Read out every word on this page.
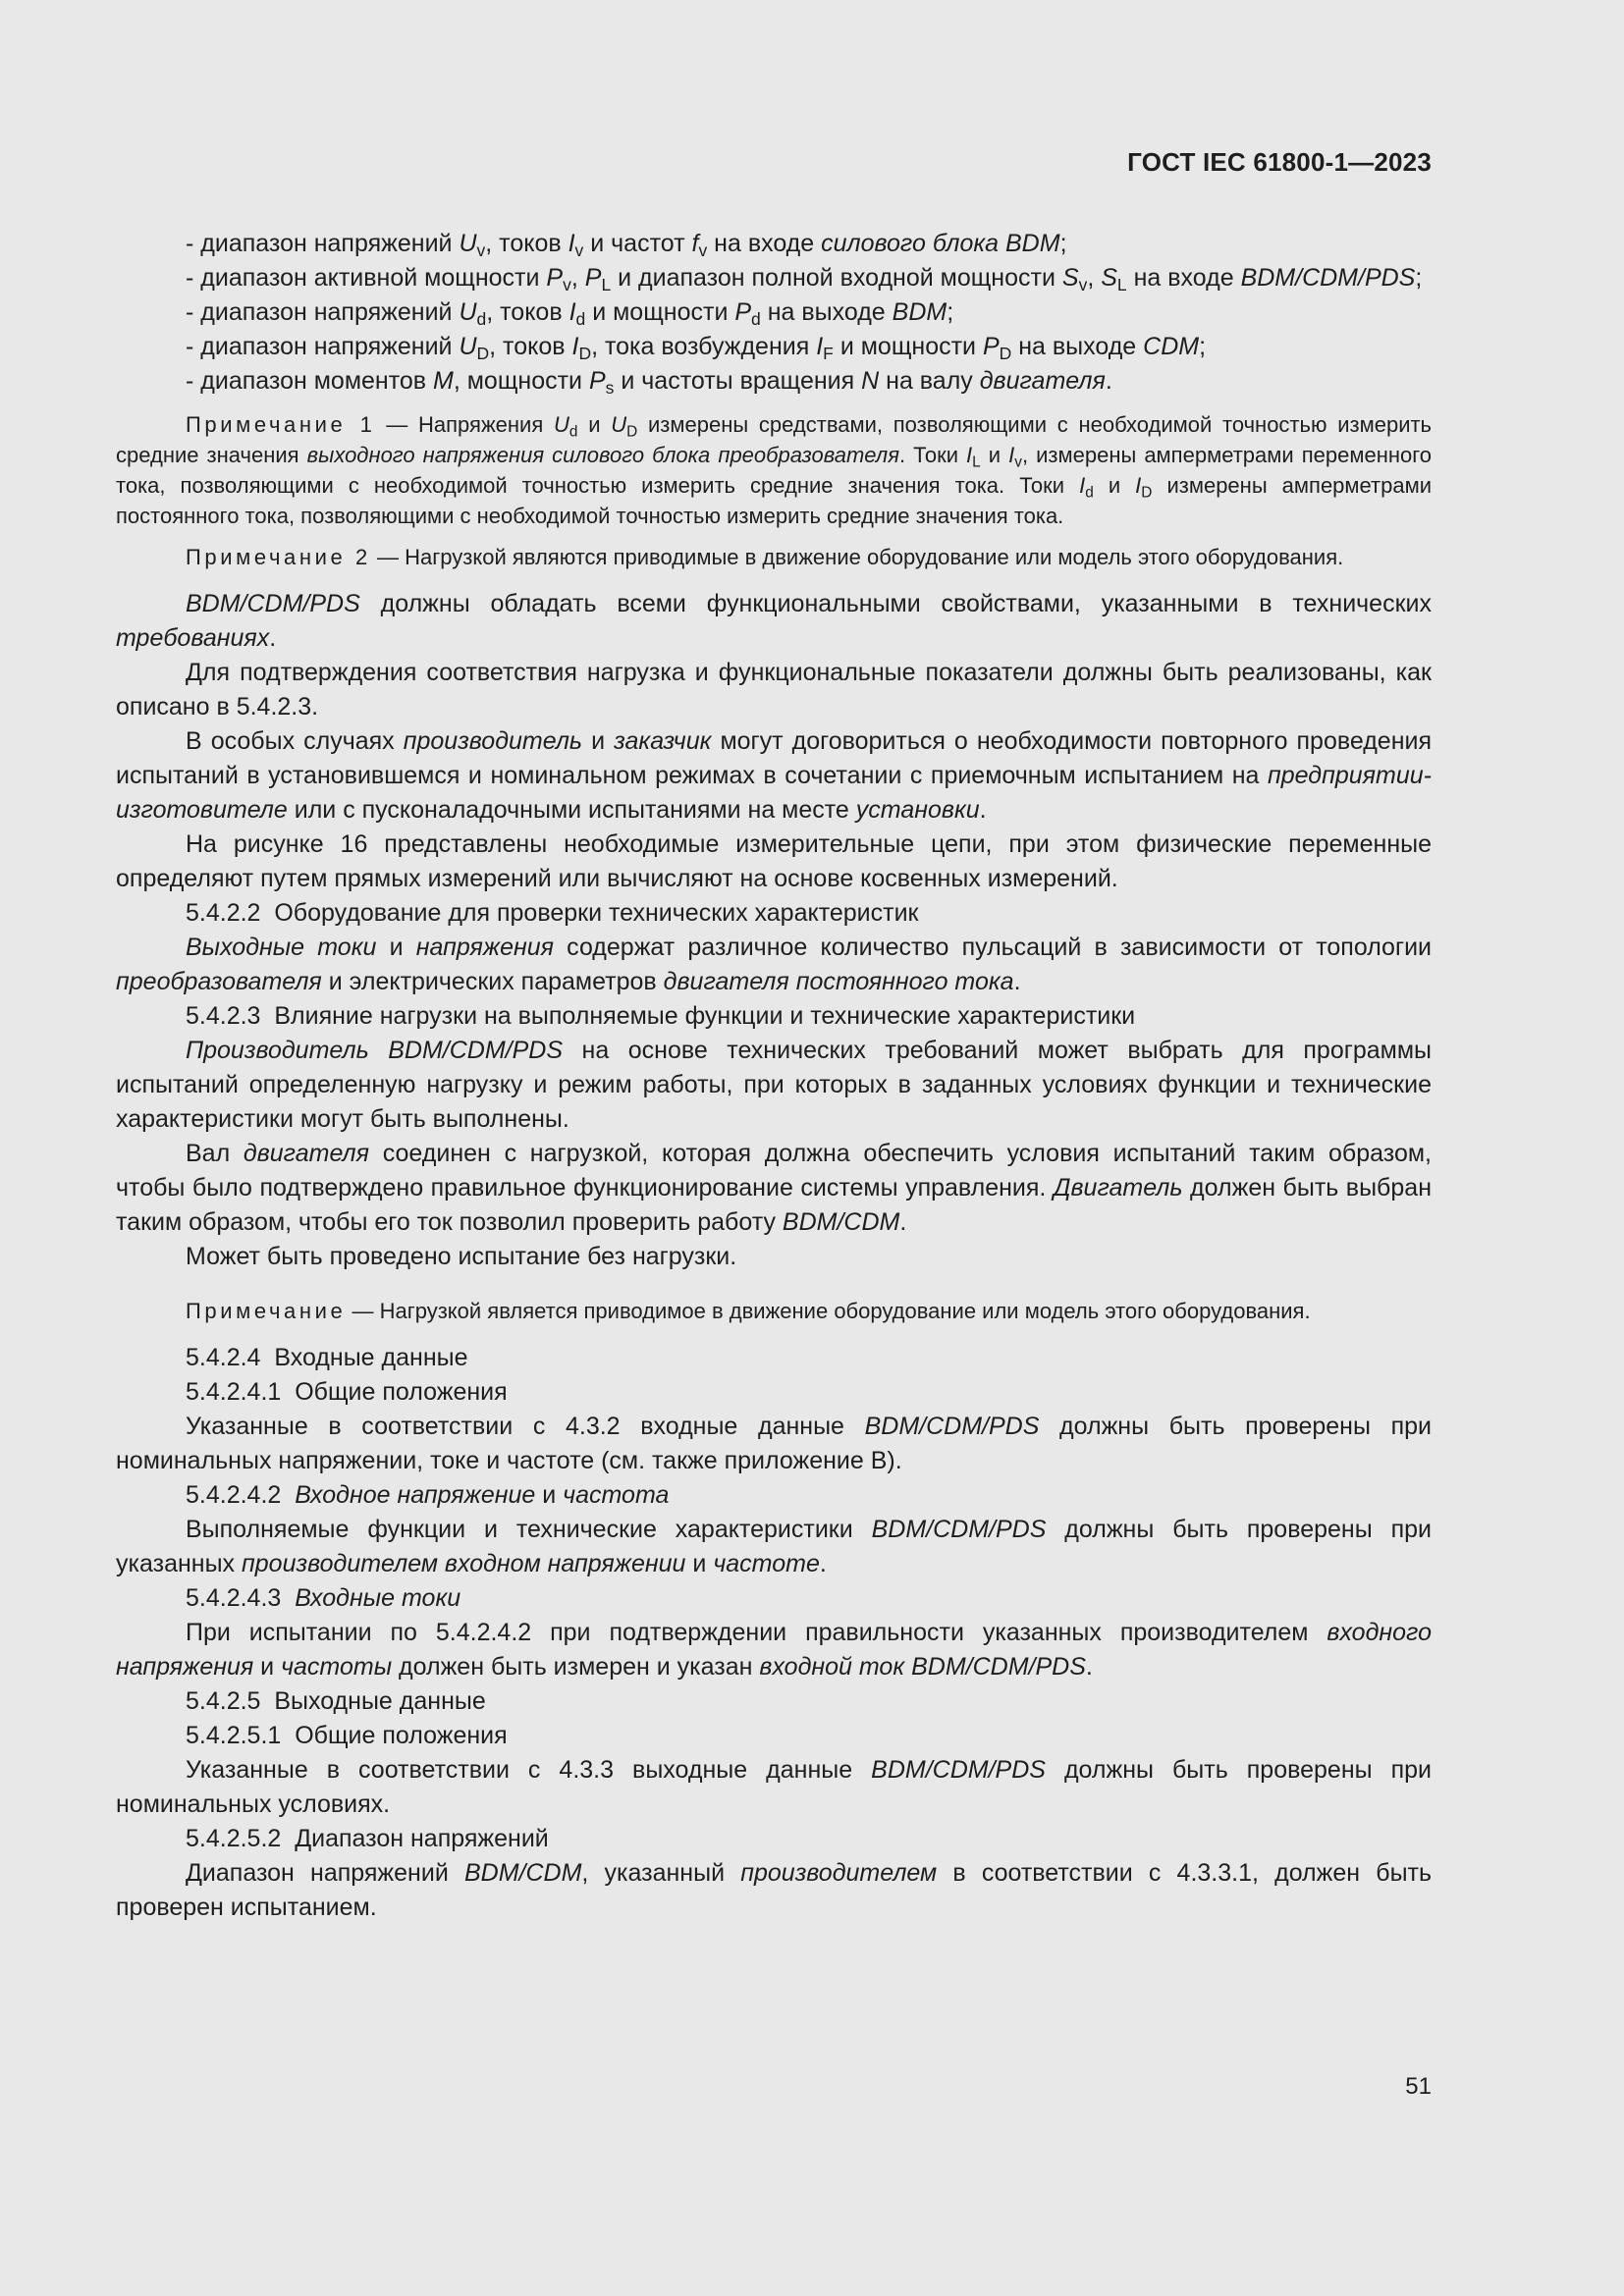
ГОСТ IEC 61800-1—2023

- диапазон напряжений $U_v$, токов $I_v$ и частот $f_v$ на входе силового блока BDM;

- диапазон активной мощности $P_v$, $P_L$ и диапазон полной входной мощности $S_v$, $S_L$ на входе BDM/CDM/PDS;

- диапазон напряжений $U_d$, токов $I_d$ и мощности $P_d$ на выходе BDM;

- диапазон напряжений $U_D$, токов $I_D$, тока возбуждения $I_F$ и мощности $P_D$ на выходе CDM;

- диапазон моментов M, мощности $P_s$ и частоты вращения N на валу двигателя.

Примечание 1 — Напряжения $U_d$ и $U_D$ измерены средствами, позволяющими с необходимой точностью измерить средние значения выходного напряжения силового блока преобразователя. Токи $I_L$ и $I_v$, измерены амперметрами переменного тока, позволяющими с необходимой точностью измерить средние значения тока. Токи $I_d$ и $I_D$ измерены амперметрами постоянного тока, позволяющими с необходимой точностью измерить средние значения тока.

Примечание 2 — Нагрузкой являются приводимые в движение оборудование или модель этого оборудования.

BDM/CDM/PDS должны обладать всеми функциональными свойствами, указанными в технических требованиях.

Для подтверждения соответствия нагрузка и функциональные показатели должны быть реализованы, как описано в 5.4.2.3.

В особых случаях производитель и заказчик могут договориться о необходимости повторного проведения испытаний в установившемся и номинальном режимах в сочетании с приемочным испытанием на предприятии-изготовителе или с пусконаладочными испытаниями на месте установки.

На рисунке 16 представлены необходимые измерительные цепи, при этом физические переменные определяют путем прямых измерений или вычисляют на основе косвенных измерений.

5.4.2.2  Оборудование для проверки технических характеристик

Выходные токи и напряжения содержат различное количество пульсаций в зависимости от топологии преобразователя и электрических параметров двигателя постоянного тока.

5.4.2.3  Влияние нагрузки на выполняемые функции и технические характеристики

Производитель BDM/CDM/PDS на основе технических требований может выбрать для программы испытаний определенную нагрузку и режим работы, при которых в заданных условиях функции и технические характеристики могут быть выполнены.

Вал двигателя соединен с нагрузкой, которая должна обеспечить условия испытаний таким образом, чтобы было подтверждено правильное функционирование системы управления. Двигатель должен быть выбран таким образом, чтобы его ток позволил проверить работу BDM/CDM.

Может быть проведено испытание без нагрузки.

Примечание — Нагрузкой является приводимое в движение оборудование или модель этого оборудования.

5.4.2.4  Входные данные

5.4.2.4.1  Общие положения

Указанные в соответствии с 4.3.2 входные данные BDM/CDM/PDS должны быть проверены при номинальных напряжении, токе и частоте (см. также приложение В).

5.4.2.4.2  Входное напряжение и частота

Выполняемые функции и технические характеристики BDM/CDM/PDS должны быть проверены при указанных производителем входном напряжении и частоте.

5.4.2.4.3  Входные токи

При испытании по 5.4.2.4.2 при подтверждении правильности указанных производителем входного напряжения и частоты должен быть измерен и указан входной ток BDM/CDM/PDS.

5.4.2.5  Выходные данные

5.4.2.5.1  Общие положения

Указанные в соответствии с 4.3.3 выходные данные BDM/CDM/PDS должны быть проверены при номинальных условиях.

5.4.2.5.2  Диапазон напряжений

Диапазон напряжений BDM/CDM, указанный производителем в соответствии с 4.3.3.1, должен быть проверен испытанием.

51
